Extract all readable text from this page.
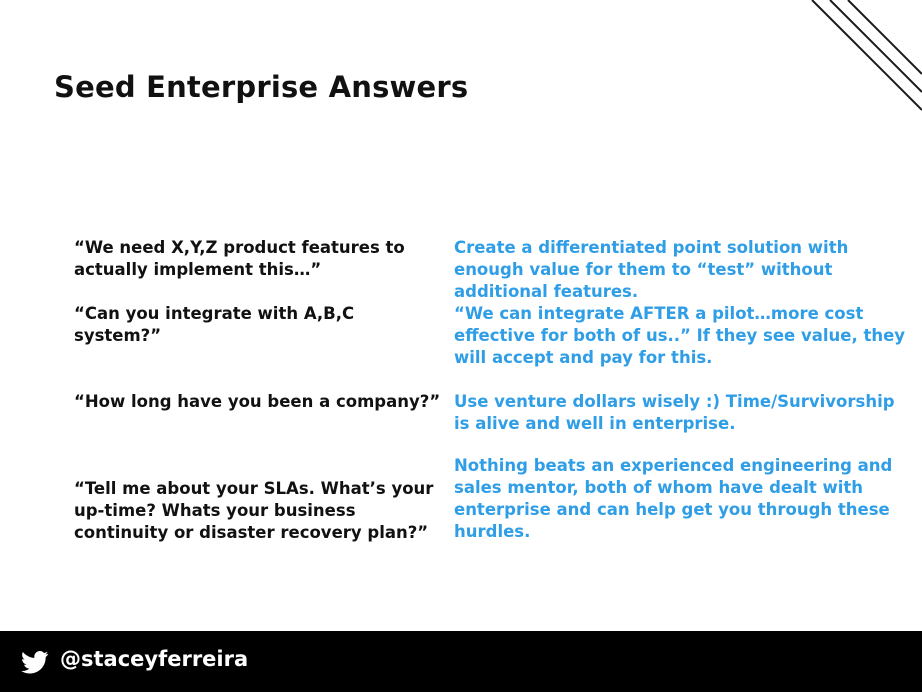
Seed Enterprise Answers
“We need X,Y,Z product features to actually implement this…”
Create a differentiated point solution with enough value for them to “test” without additional features.
“Can you integrate with A,B,C system?”
“We can integrate AFTER a pilot…more cost effective for both of us..” If they see value, they will accept and pay for this.
“How long have you been a company?” Use venture dollars wisely :) Time/Survivorship is alive and well in enterprise.
“Tell me about your SLAs. What’s your up-time? Whats your business continuity or disaster recovery plan?”
Nothing beats an experienced engineering and sales mentor, both of whom have dealt with enterprise and can help get you through these hurdles.
@staceyferreira
